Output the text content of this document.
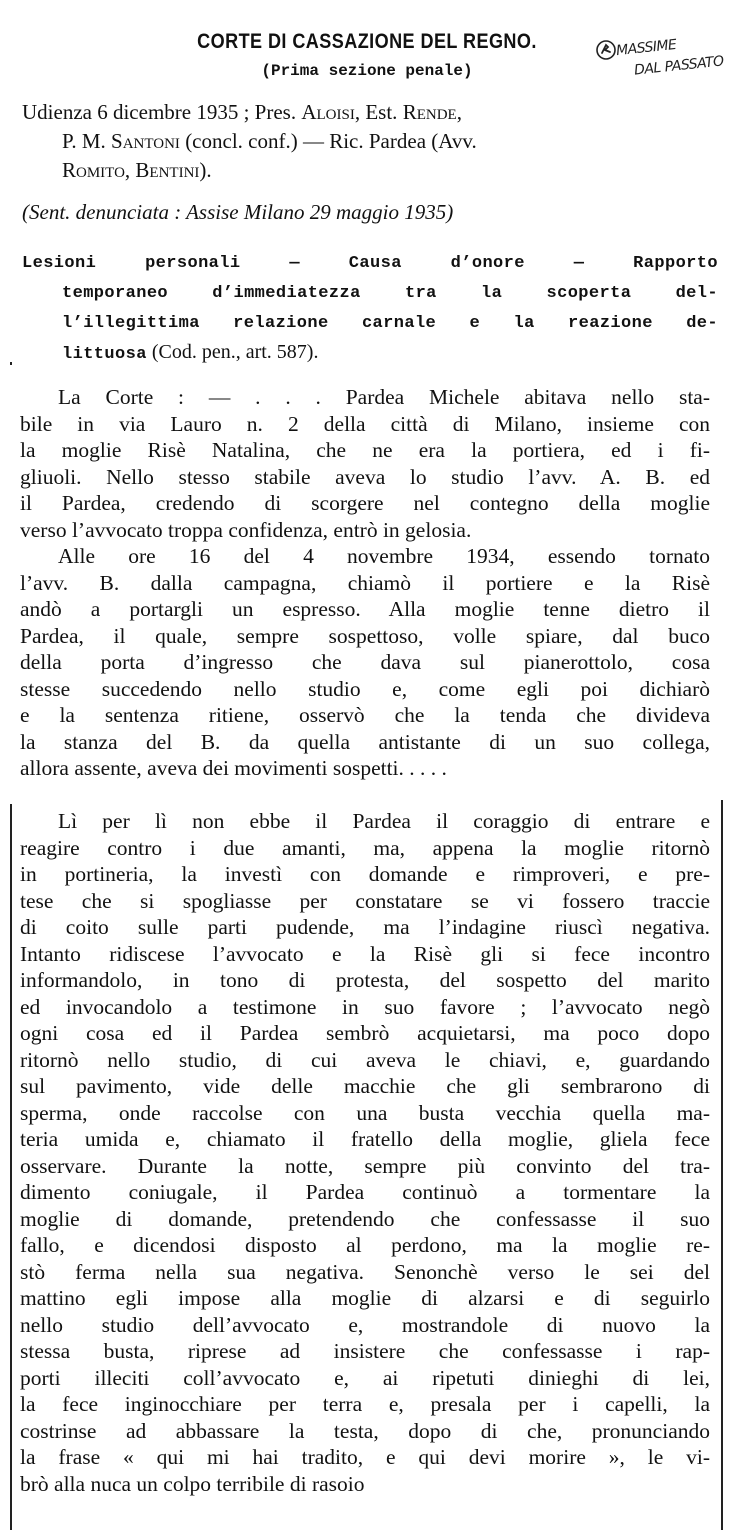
CORTE DI CASSAZIONE DEL REGNO.
(Prima sezione penale)
MASSIME
DAL PASSATO
Udienza 6 dicembre 1935 ; Pres. Aloisi, Est. Rende,
P. M. Santoni (concl. conf.) — Ric. Pardea (Avv.
Romito, Bentini).
(Sent. denunciata : Assise Milano 29 maggio 1935)
Lesioni personali — Causa d’onore — Rapporto
temporaneo d’immediatezza tra la scoperta del-
l’illegittima relazione carnale e la reazione de-
littuosa (Cod. pen., art. 587).
La Corte : — . . . Pardea Michele abitava nello sta-
bile in via Lauro n. 2 della città di Milano, insieme con
la moglie Risè Natalina, che ne era la portiera, ed i fi-
gliuoli. Nello stesso stabile aveva lo studio l’avv. A. B. ed
il Pardea, credendo di scorgere nel contegno della moglie
verso l’avvocato troppa confidenza, entrò in gelosia.
Alle ore 16 del 4 novembre 1934, essendo tornato
l’avv. B. dalla campagna, chiamò il portiere e la Risè
andò a portargli un espresso. Alla moglie tenne dietro il
Pardea, il quale, sempre sospettoso, volle spiare, dal buco
della porta d’ingresso che dava sul pianerottolo, cosa
stesse succedendo nello studio e, come egli poi dichiarò
e la sentenza ritiene, osservò che la tenda che divideva
la stanza del B. da quella antistante di un suo collega,
allora assente, aveva dei movimenti sospetti. . . . .
Lì per lì non ebbe il Pardea il coraggio di entrare e
reagire contro i due amanti, ma, appena la moglie ritornò
in portineria, la investì con domande e rimproveri, e pre-
tese che si spogliasse per constatare se vi fossero traccie
di coito sulle parti pudende, ma l’indagine riuscì negativa.
Intanto ridiscese l’avvocato e la Risè gli si fece incontro
informandolo, in tono di protesta, del sospetto del marito
ed invocandolo a testimone in suo favore ; l’avvocato negò
ogni cosa ed il Pardea sembrò acquietarsi, ma poco dopo
ritornò nello studio, di cui aveva le chiavi, e, guardando
sul pavimento, vide delle macchie che gli sembrarono di
sperma, onde raccolse con una busta vecchia quella ma-
teria umida e, chiamato il fratello della moglie, gliela fece
osservare. Durante la notte, sempre più convinto del tra-
dimento coniugale, il Pardea continuò a tormentare la
moglie di domande, pretendendo che confessasse il suo
fallo, e dicendosi disposto al perdono, ma la moglie re-
stò ferma nella sua negativa. Senonchè verso le sei del
mattino egli impose alla moglie di alzarsi e di seguirlo
nello studio dell’avvocato e, mostrandole di nuovo la
stessa busta, riprese ad insistere che confessasse i rap-
porti illeciti coll’avvocato e, ai ripetuti dinieghi di lei,
la fece inginocchiare per terra e, presala per i capelli, la
costrinse ad abbassare la testa, dopo di che, pronunciando
la frase « qui mi hai tradito, e qui devi morire », le vi-
brò alla nuca un colpo terribile di rasoio
